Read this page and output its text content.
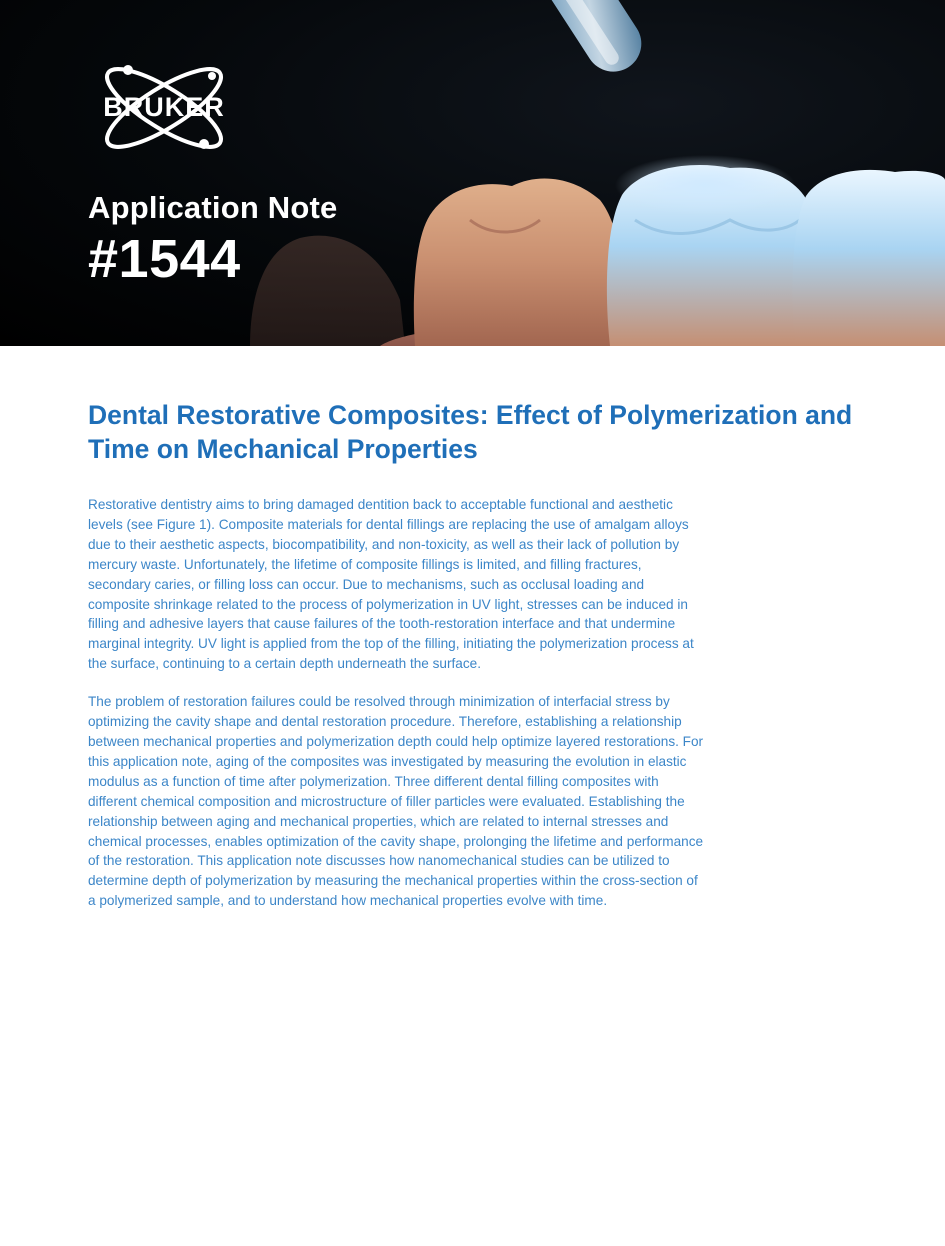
BRUKER
Application Note
#1544
Dental Restorative Composites: Effect of Polymerization and Time on Mechanical Properties

Restorative dentistry aims to bring damaged dentition back to acceptable functional and aesthetic levels (see Figure 1). Composite materials for dental fillings are replacing the use of amalgam alloys due to their aesthetic aspects, biocompatibility, and non-toxicity, as well as their lack of pollution by mercury waste. Unfortunately, the lifetime of composite fillings is limited, and filling fractures, secondary caries, or filling loss can occur. Due to mechanisms, such as occlusal loading and composite shrinkage related to the process of polymerization in UV light, stresses can be induced in filling and adhesive layers that cause failures of the tooth-restoration interface and that undermine marginal integrity. UV light is applied from the top of the filling, initiating the polymerization process at the surface, continuing to a certain depth underneath the surface.

The problem of restoration failures could be resolved through minimization of interfacial stress by optimizing the cavity shape and dental restoration procedure. Therefore, establishing a relationship between mechanical properties and polymerization depth could help optimize layered restorations. For this application note, aging of the composites was investigated by measuring the evolution in elastic modulus as a function of time after polymerization. Three different dental filling composites with different chemical composition and microstructure of filler particles were evaluated. Establishing the relationship between aging and mechanical properties, which are related to internal stresses and chemical processes, enables optimization of the cavity shape, prolonging the lifetime and performance of the restoration. This application note discusses how nanomechanical studies can be utilized to determine depth of polymerization by measuring the mechanical properties within the cross-section of a polymerized sample, and to understand how mechanical properties evolve with time.
